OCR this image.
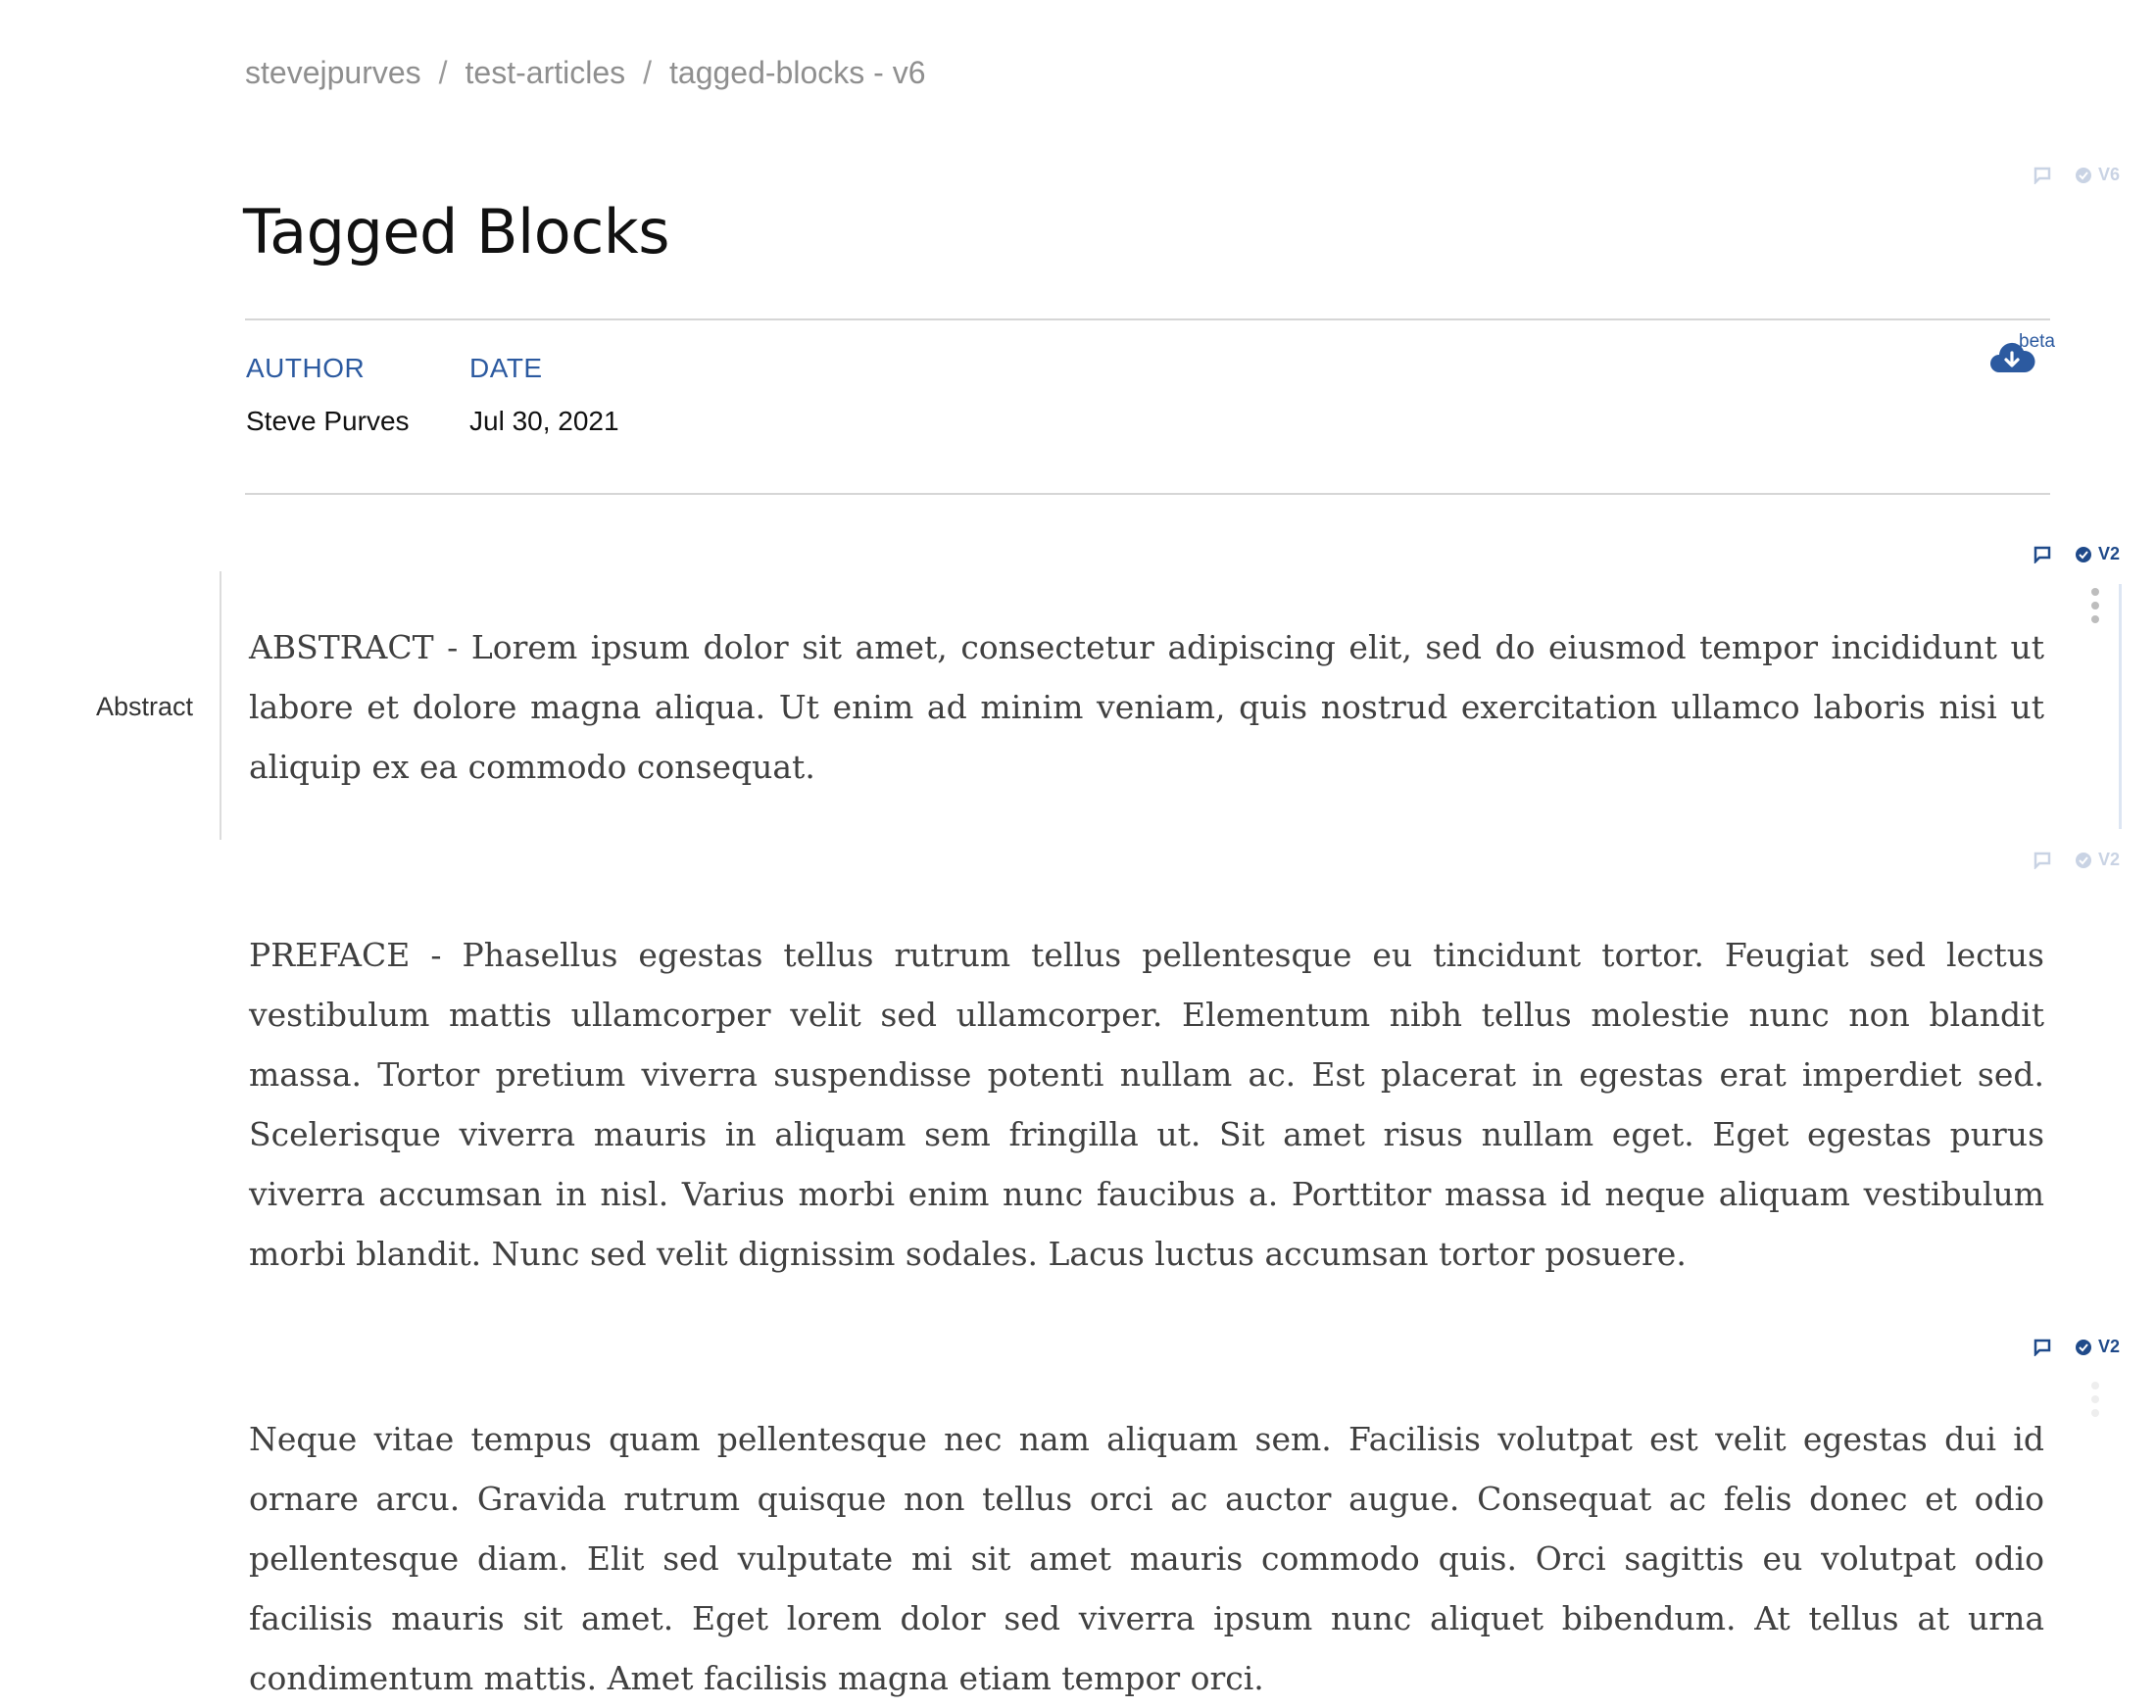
stevejpurves / test-articles / tagged-blocks - v6
V6
Tagged Blocks
AUTHOR
Steve Purves
DATE
Jul 30, 2021
beta
V2
Abstract

ABSTRACT - Lorem ipsum dolor sit amet, consectetur adipiscing elit, sed do eiusmod tempor incididunt ut labore et dolore magna aliqua. Ut enim ad minim veniam, quis nostrud exercitation ullamco laboris nisi ut aliquip ex ea commodo consequat.

V2

PREFACE - Phasellus egestas tellus rutrum tellus pellentesque eu tincidunt tortor. Feugiat sed lectus vestibulum mattis ullamcorper velit sed ullamcorper. Elementum nibh tellus molestie nunc non blandit massa. Tortor pretium viverra suspendisse potenti nullam ac. Est placerat in egestas erat imperdiet sed. Scelerisque viverra mauris in aliquam sem fringilla ut. Sit amet risus nullam eget. Eget egestas purus viverra accumsan in nisl. Varius morbi enim nunc faucibus a. Porttitor massa id neque aliquam vestibulum morbi blandit. Nunc sed velit dignissim sodales. Lacus luctus accumsan tortor posuere.

V2

Neque vitae tempus quam pellentesque nec nam aliquam sem. Facilisis volutpat est velit egestas dui id ornare arcu. Gravida rutrum quisque non tellus orci ac auctor augue. Consequat ac felis donec et odio pellentesque diam. Elit sed vulputate mi sit amet mauris commodo quis. Orci sagittis eu volutpat odio facilisis mauris sit amet. Eget lorem dolor sed viverra ipsum nunc aliquet bibendum. At tellus at urna condimentum mattis. Amet facilisis magna etiam tempor orci.
